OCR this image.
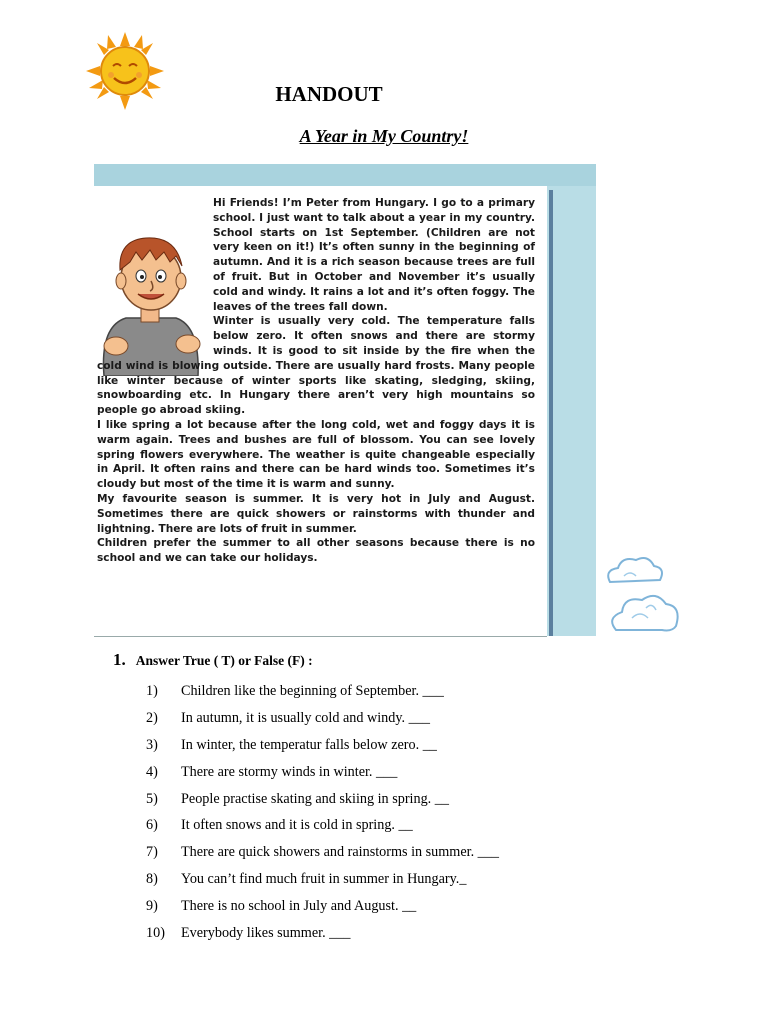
HANDOUT
A Year in My Country!

Hi Friends! I’m Peter from Hungary. I go to a primary school. I just want to talk about a year in my country. School starts on 1st September. (Children are not very keen on it!) It’s often sunny in the beginning of autumn. And it is a rich season because trees are full of fruit. But in October and November it’s usually cold and windy. It rains a lot and it’s often foggy. The leaves of the trees fall down.

Winter is usually very cold. The temperature falls below zero. It often snows and there are stormy winds. It is good to sit inside by the fire when the cold wind is blowing outside. There are usually hard frosts. Many people like winter because of winter sports like skating, sledging, skiing, snowboarding etc. In Hungary there aren’t very high mountains so people go abroad skiing.

I like spring a lot because after the long cold, wet and foggy days it is warm again. Trees and bushes are full of blossom. You can see lovely spring flowers everywhere. The weather is quite changeable especially in April. It often rains and there can be hard winds too. Sometimes it’s cloudy but most of the time it is warm and sunny.

My favourite season is summer. It is very hot in July and August. Sometimes there are quick showers or rainstorms with thunder and lightning. There are lots of fruit in summer.

Children prefer the summer to all other seasons because there is no school and we can take our holidays.

1. Answer True ( T) or False (F) :
1) Children like the beginning of September. ___
2) In autumn, it is usually cold and windy. ___
3) In winter, the temperatur falls below zero. __
4) There are stormy winds in winter. ___
5) People practise skating and skiing in spring. __
6) It often snows and it is cold in spring. __
7) There are quick showers and rainstorms in summer. ___
8) You can’t find much fruit in summer in Hungary._
9) There is no school in July and August. __
10) Everybody likes summer. ___
